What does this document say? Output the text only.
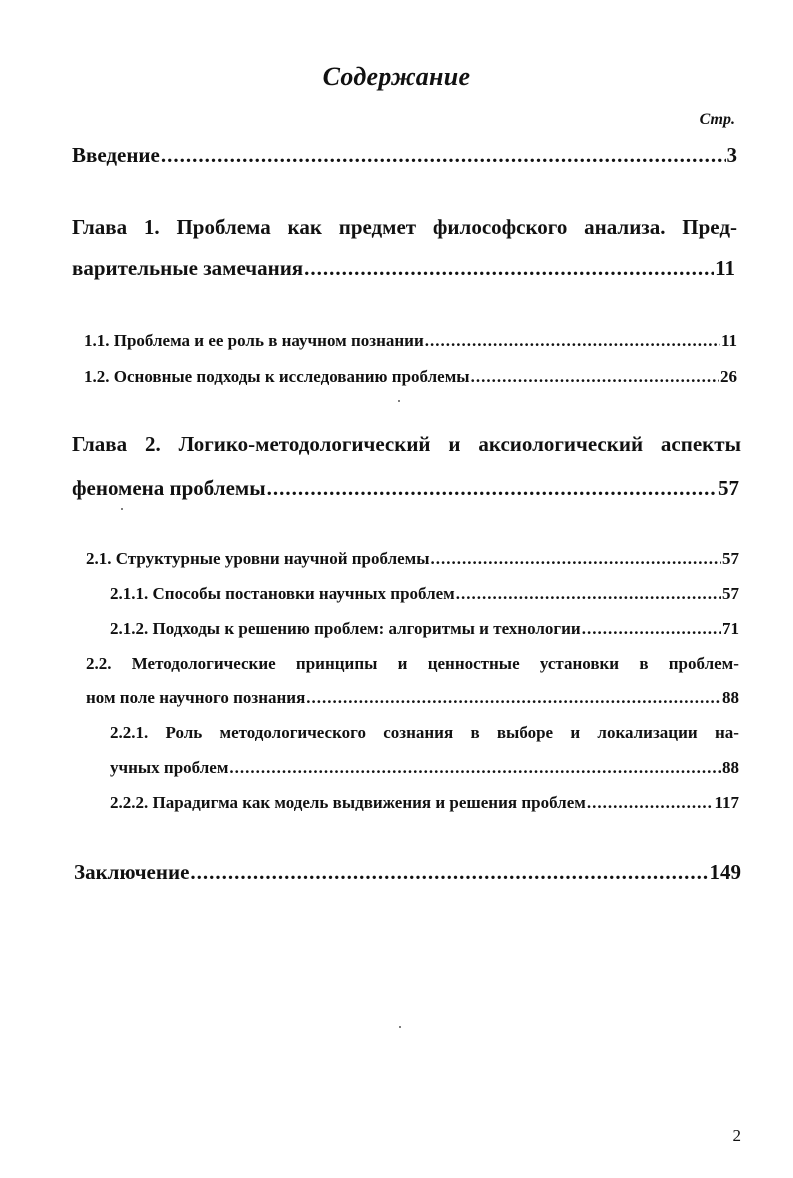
Содержание
Стр.
Введение .....	3
Глава 1. Проблема как предмет философского анализа. Пред-
варительные замечания .....	11
1.1. Проблема и ее роль в научном познании .....	11
1.2. Основные подходы к исследованию проблемы .....	26
Глава 2. Логико-методологический и аксиологический аспекты
феномена проблемы .....	57
2.1. Структурные уровни научной проблемы .....	57
2.1.1. Способы постановки научных проблем .....	57
2.1.2. Подходы к решению проблем: алгоритмы и технологии .....	71
2.2. Методологические принципы и ценностные установки в проблем-
ном поле научного познания .....	88
2.2.1. Роль методологического сознания в выборе и локализации на-
учных проблем .....	88
2.2.2. Парадигма как модель выдвижения и решения проблем .....	117
Заключение .....	149
2
